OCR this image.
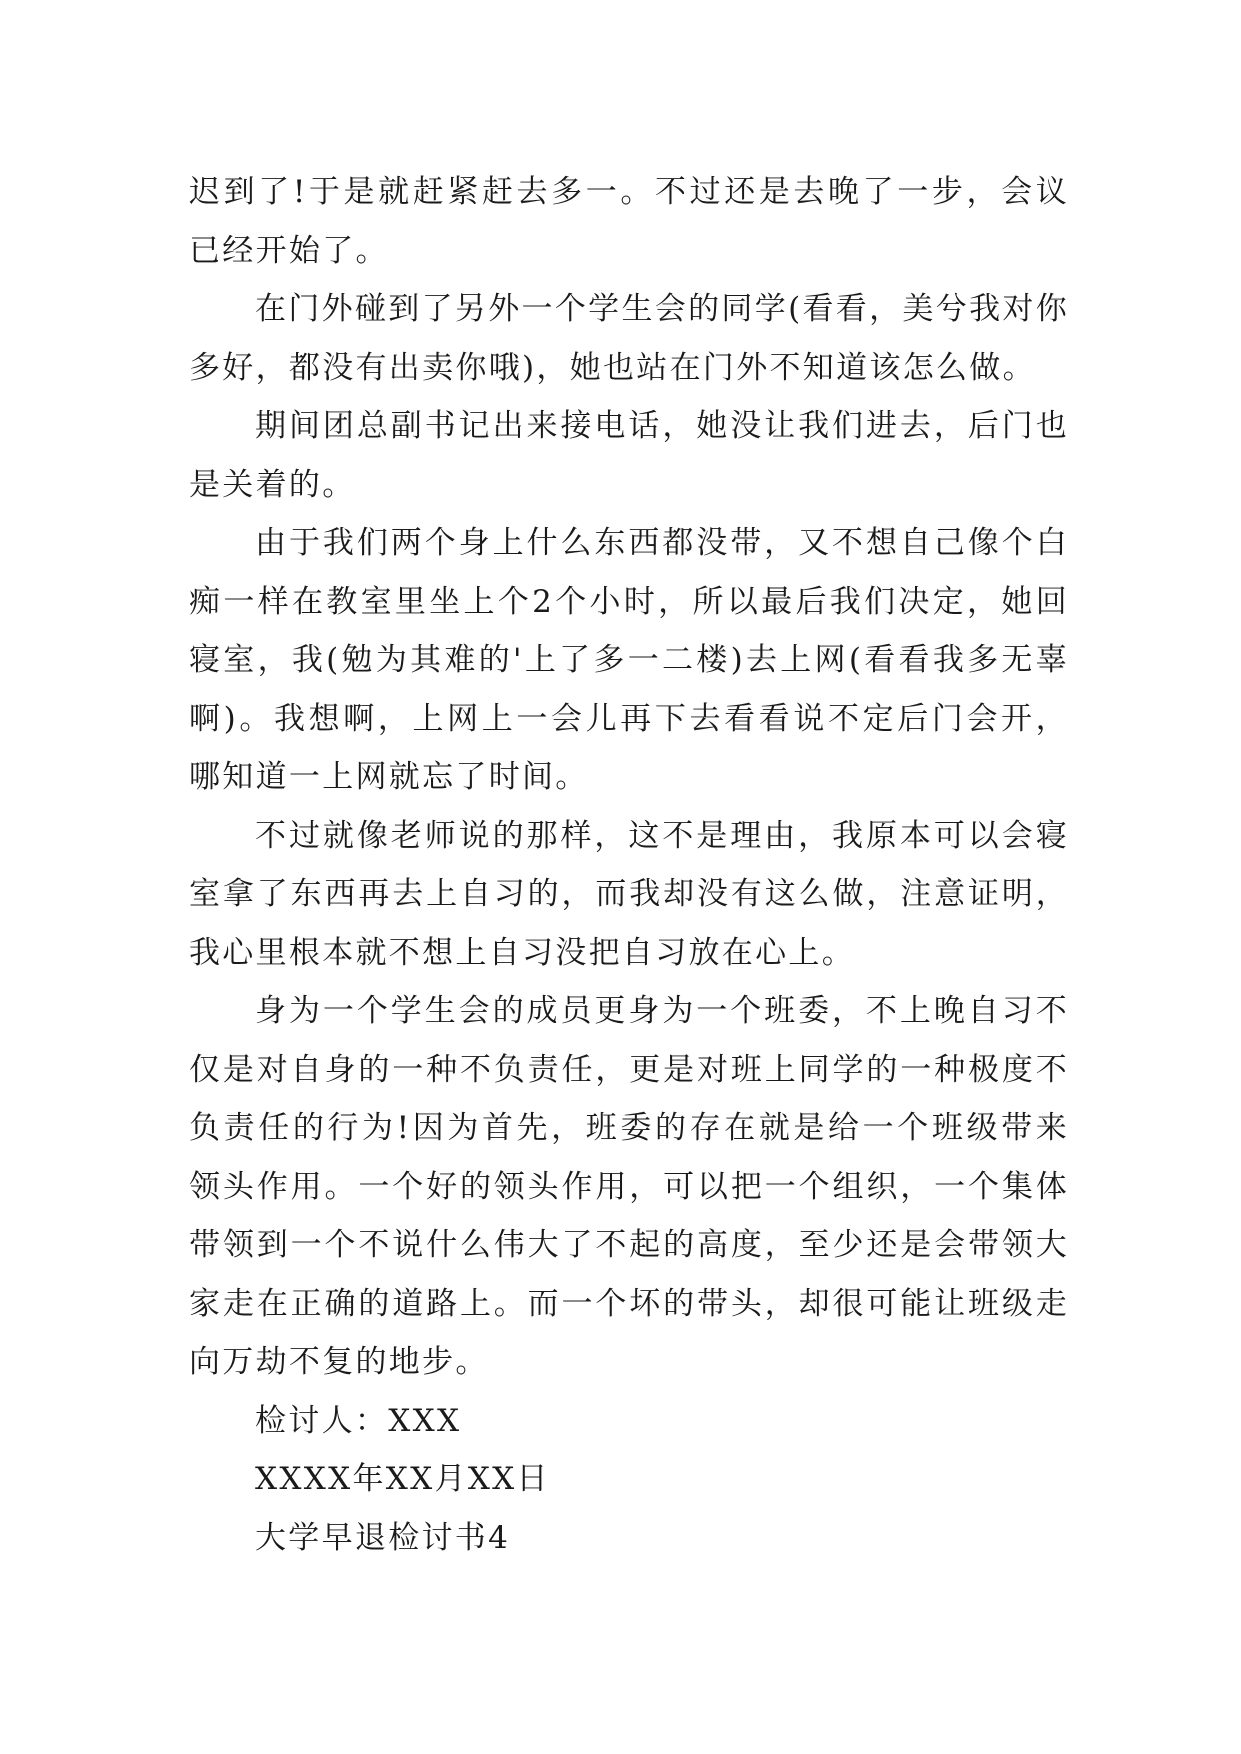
迟到了!于是就赶紧赶去多一。不过还是去晚了一步，会议已经开始了。

在门外碰到了另外一个学生会的同学(看看，美兮我对你多好，都没有出卖你哦)，她也站在门外不知道该怎么做。

期间团总副书记出来接电话，她没让我们进去，后门也是关着的。

由于我们两个身上什么东西都没带，又不想自己像个白痴一样在教室里坐上个2个小时，所以最后我们决定，她回寝室，我(勉为其难的'上了多一二楼)去上网(看看我多无辜啊)。我想啊，上网上一会儿再下去看看说不定后门会开，哪知道一上网就忘了时间。

不过就像老师说的那样，这不是理由，我原本可以会寝室拿了东西再去上自习的，而我却没有这么做，注意证明，我心里根本就不想上自习没把自习放在心上。

身为一个学生会的成员更身为一个班委，不上晚自习不仅是对自身的一种不负责任，更是对班上同学的一种极度不负责任的行为!因为首先，班委的存在就是给一个班级带来领头作用。一个好的领头作用，可以把一个组织，一个集体带领到一个不说什么伟大了不起的高度，至少还是会带领大家走在正确的道路上。而一个坏的带头，却很可能让班级走向万劫不复的地步。

检讨人：XXX

XXXX年XX月XX日

大学早退检讨书4
